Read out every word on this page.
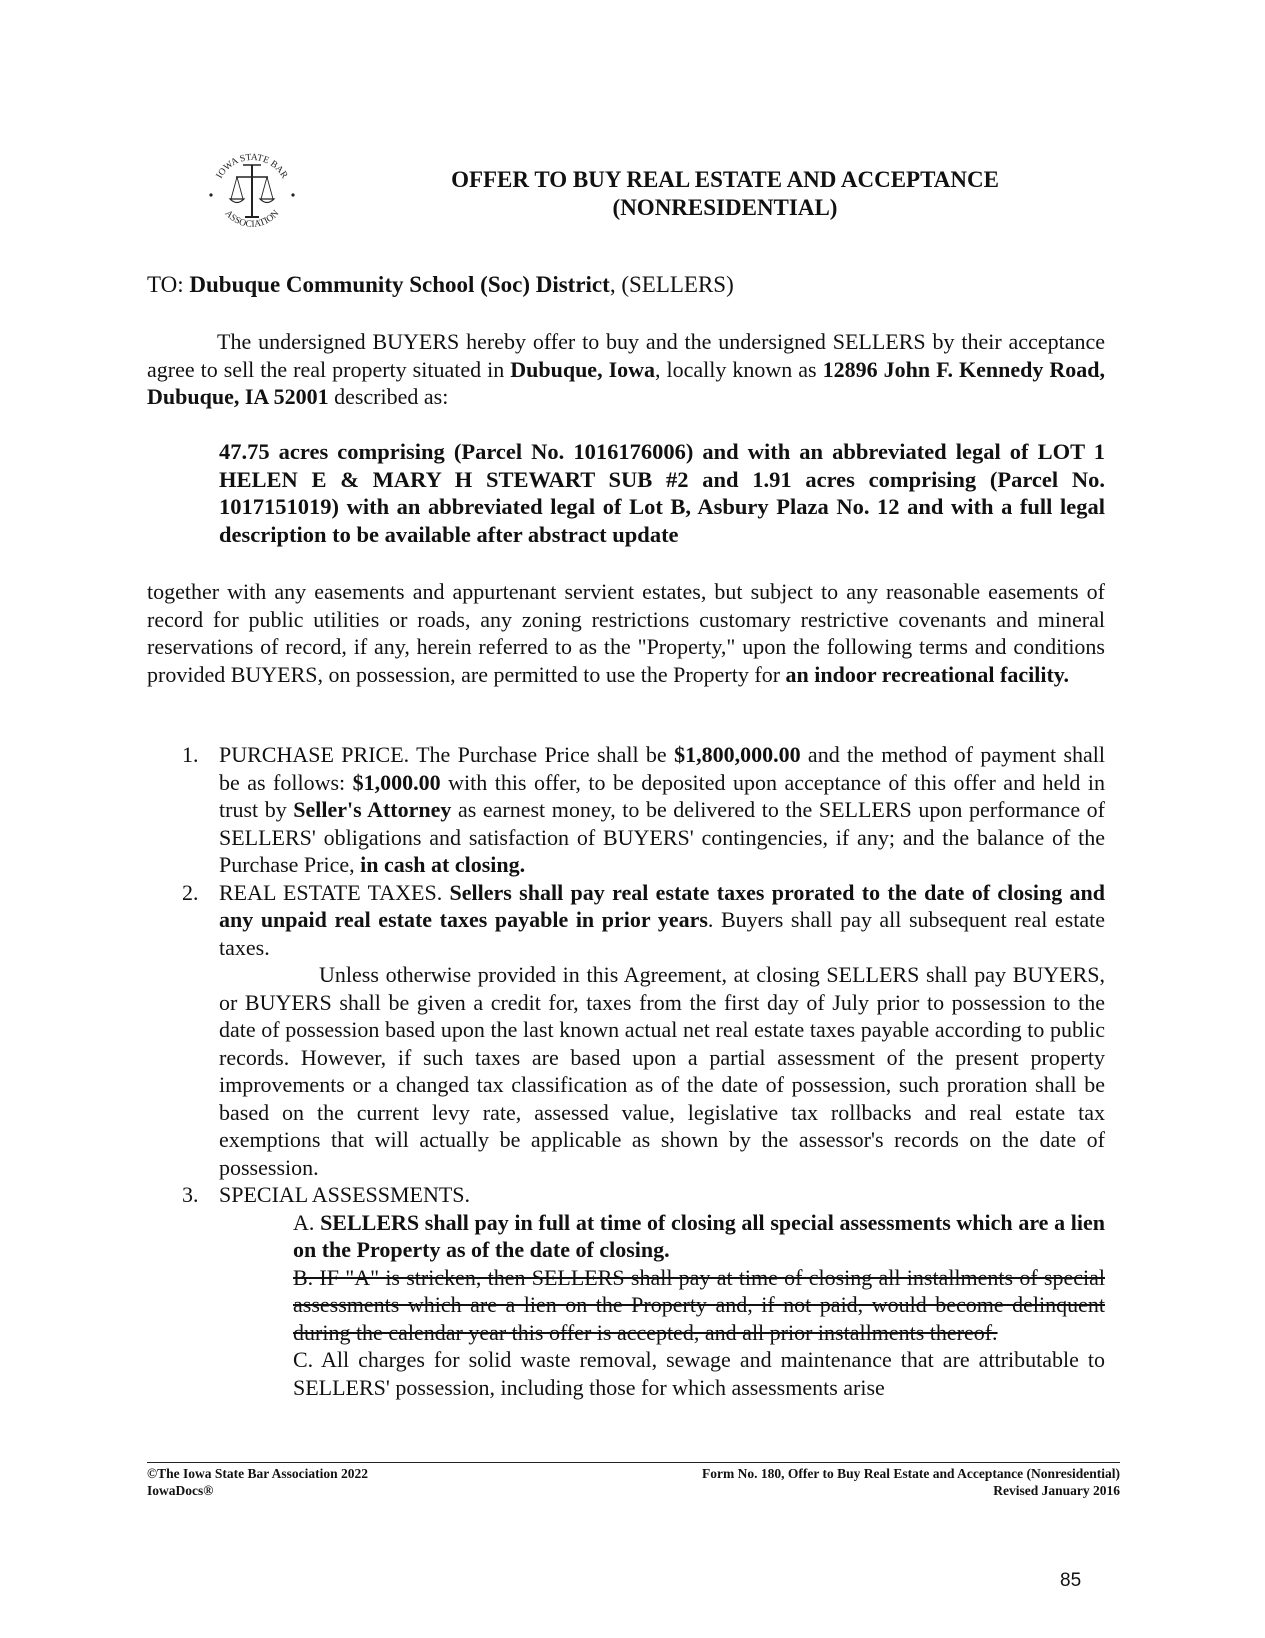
IOWA STATE BAR
ASSOCIATION
OFFER TO BUY REAL ESTATE AND ACCEPTANCE
(NONRESIDENTIAL)
TO: Dubuque Community School (Soc) District, (SELLERS)
The undersigned BUYERS hereby offer to buy and the undersigned SELLERS by their acceptance agree to sell the real property situated in Dubuque, Iowa, locally known as 12896 John F. Kennedy Road, Dubuque, IA 52001 described as:
47.75 acres comprising (Parcel No. 1016176006) and with an abbreviated legal of LOT 1 HELEN E & MARY H STEWART SUB #2 and 1.91 acres comprising (Parcel No. 1017151019) with an abbreviated legal of Lot B, Asbury Plaza No. 12 and with a full legal description to be available after abstract update
together with any easements and appurtenant servient estates, but subject to any reasonable easements of record for public utilities or roads, any zoning restrictions customary restrictive covenants and mineral reservations of record, if any, herein referred to as the "Property," upon the following terms and conditions provided BUYERS, on possession, are permitted to use the Property for an indoor recreational facility.
1. PURCHASE PRICE. The Purchase Price shall be $1,800,000.00 and the method of payment shall be as follows: $1,000.00 with this offer, to be deposited upon acceptance of this offer and held in trust by Seller's Attorney as earnest money, to be delivered to the SELLERS upon performance of SELLERS' obligations and satisfaction of BUYERS' contingencies, if any; and the balance of the Purchase Price, in cash at closing.
2. REAL ESTATE TAXES. Sellers shall pay real estate taxes prorated to the date of closing and any unpaid real estate taxes payable in prior years. Buyers shall pay all subsequent real estate taxes.
Unless otherwise provided in this Agreement, at closing SELLERS shall pay BUYERS, or BUYERS shall be given a credit for, taxes from the first day of July prior to possession to the date of possession based upon the last known actual net real estate taxes payable according to public records. However, if such taxes are based upon a partial assessment of the present property improvements or a changed tax classification as of the date of possession, such proration shall be based on the current levy rate, assessed value, legislative tax rollbacks and real estate tax exemptions that will actually be applicable as shown by the assessor's records on the date of possession.
3. SPECIAL ASSESSMENTS.
A. SELLERS shall pay in full at time of closing all special assessments which are a lien on the Property as of the date of closing.
B. IF "A" is stricken, then SELLERS shall pay at time of closing all installments of special assessments which are a lien on the Property and, if not paid, would become delinquent during the calendar year this offer is accepted, and all prior installments thereof.
C. All charges for solid waste removal, sewage and maintenance that are attributable to SELLERS' possession, including those for which assessments arise
©The Iowa State Bar Association 2022
IowaDocs®
Form No. 180, Offer to Buy Real Estate and Acceptance (Nonresidential)
Revised January 2016
85
